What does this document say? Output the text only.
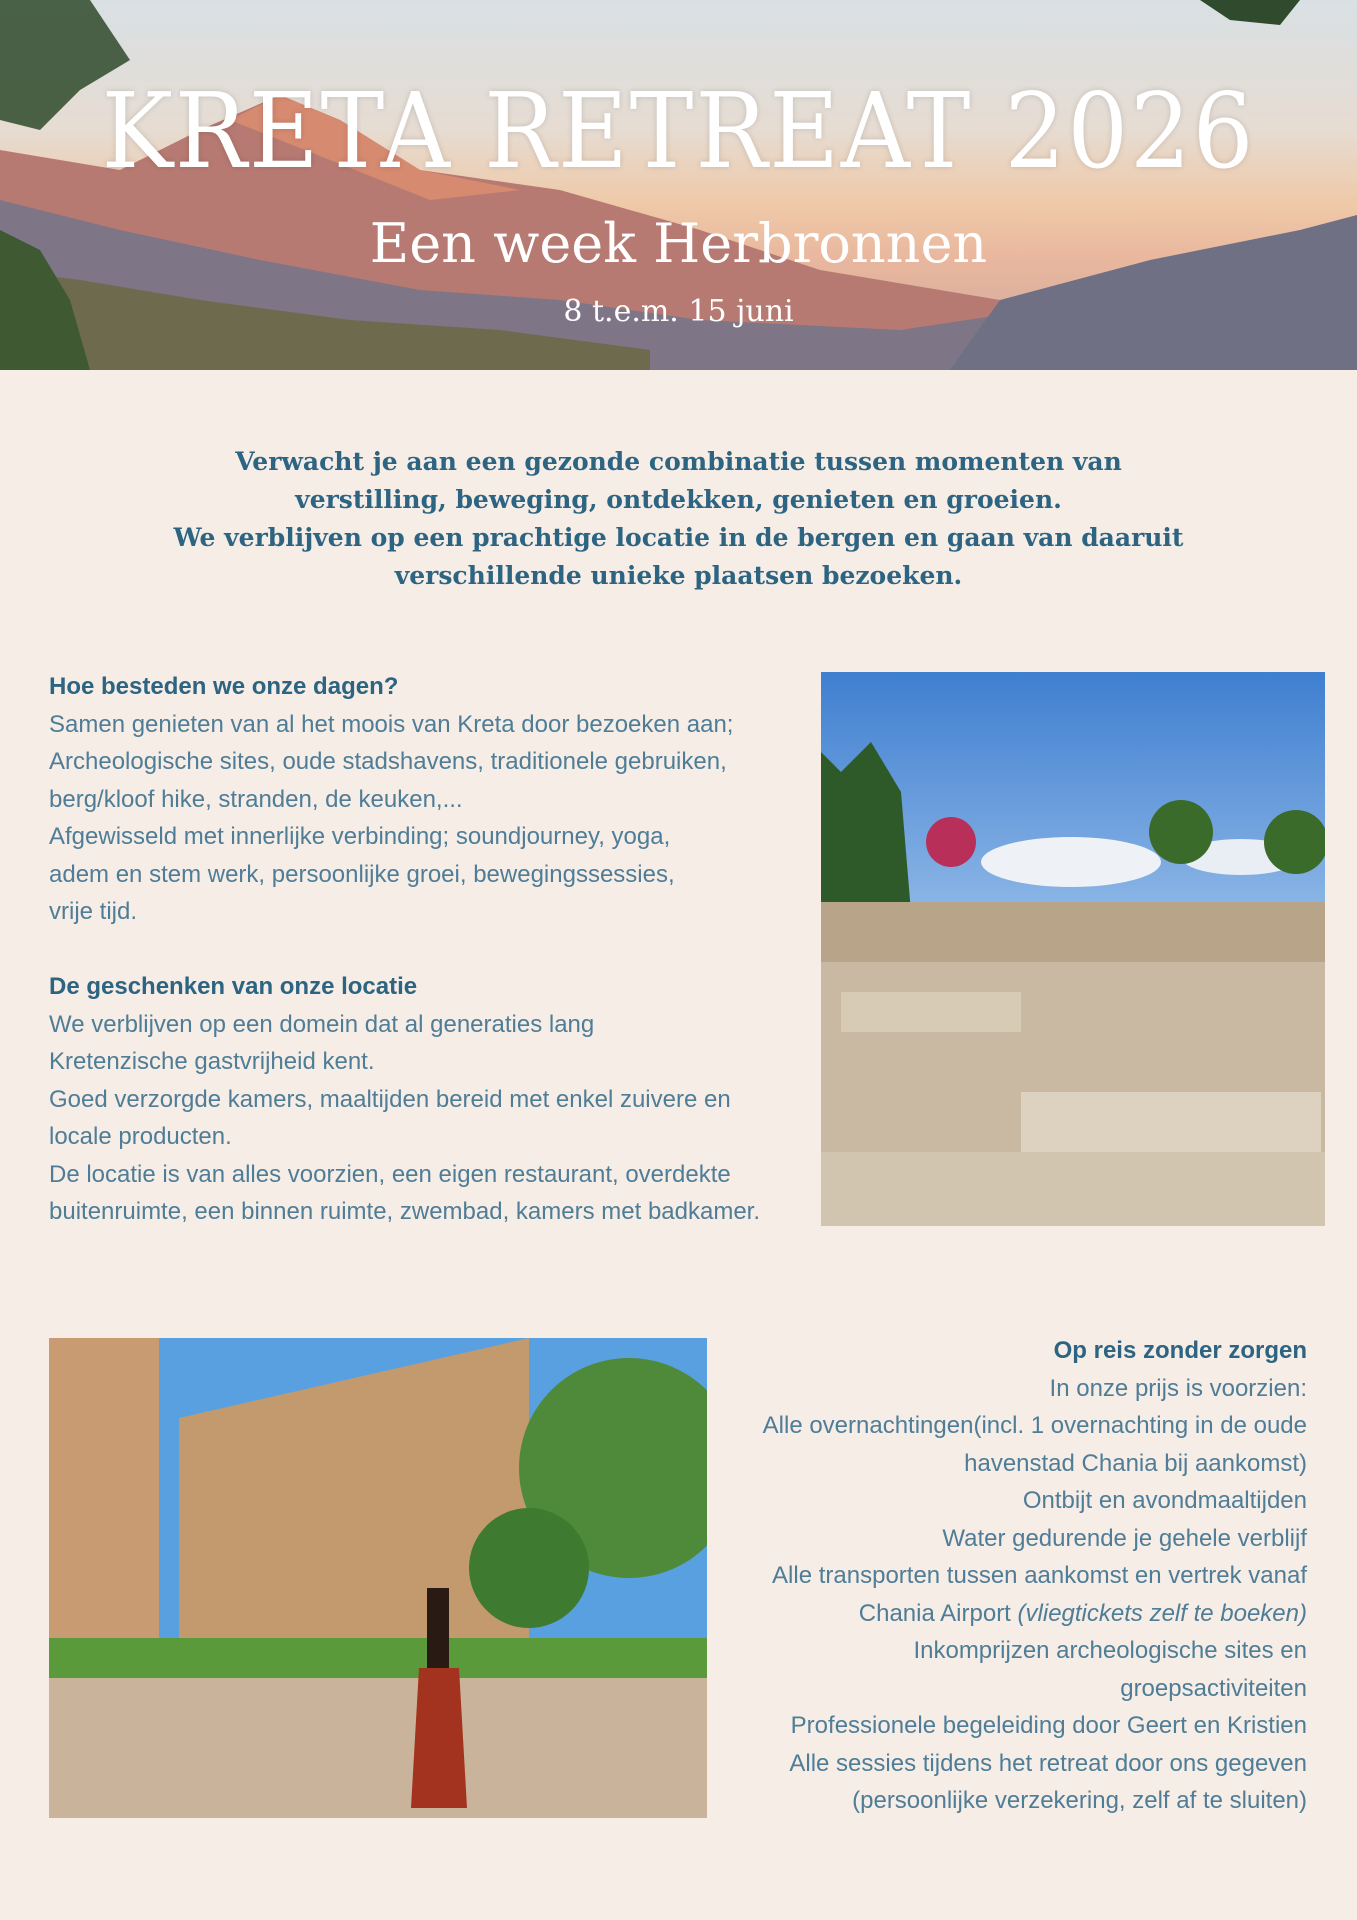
KRETA RETREAT 2026
Een week Herbronnen
8 t.e.m. 15 juni
Verwacht je aan een gezonde combinatie tussen momenten van
verstilling, beweging, ontdekken, genieten en groeien.
We verblijven op een prachtige locatie in de bergen en gaan van daaruit
verschillende unieke plaatsen bezoeken.
Hoe besteden we onze dagen?
Samen genieten van al het moois van Kreta door bezoeken aan;
Archeologische sites, oude stadshavens, traditionele gebruiken,
berg/kloof hike, stranden, de keuken,...
Afgewisseld met innerlijke verbinding; soundjourney, yoga,
adem en stem werk, persoonlijke groei, bewegingssessies,
vrije tijd.
De geschenken van onze locatie
We verblijven op een domein dat al generaties lang
Kretenzische gastvrijheid kent.
Goed verzorgde kamers, maaltijden bereid met enkel zuivere en
locale producten.
De locatie is van alles voorzien, een eigen restaurant, overdekte
buitenruimte, een binnen ruimte, zwembad, kamers met badkamer.
Op reis zonder zorgen
In onze prijs is voorzien:
Alle overnachtingen(incl. 1 overnachting in de oude
havenstad Chania bij aankomst)
Ontbijt en avondmaaltijden
Water gedurende je gehele verblijf
Alle transporten tussen aankomst en vertrek vanaf
Chania Airport (vliegtickets zelf te boeken)
Inkomprijzen archeologische sites en
groepsactiviteiten
Professionele begeleiding door Geert en Kristien
Alle sessies tijdens het retreat door ons gegeven
(persoonlijke verzekering, zelf af te sluiten)
